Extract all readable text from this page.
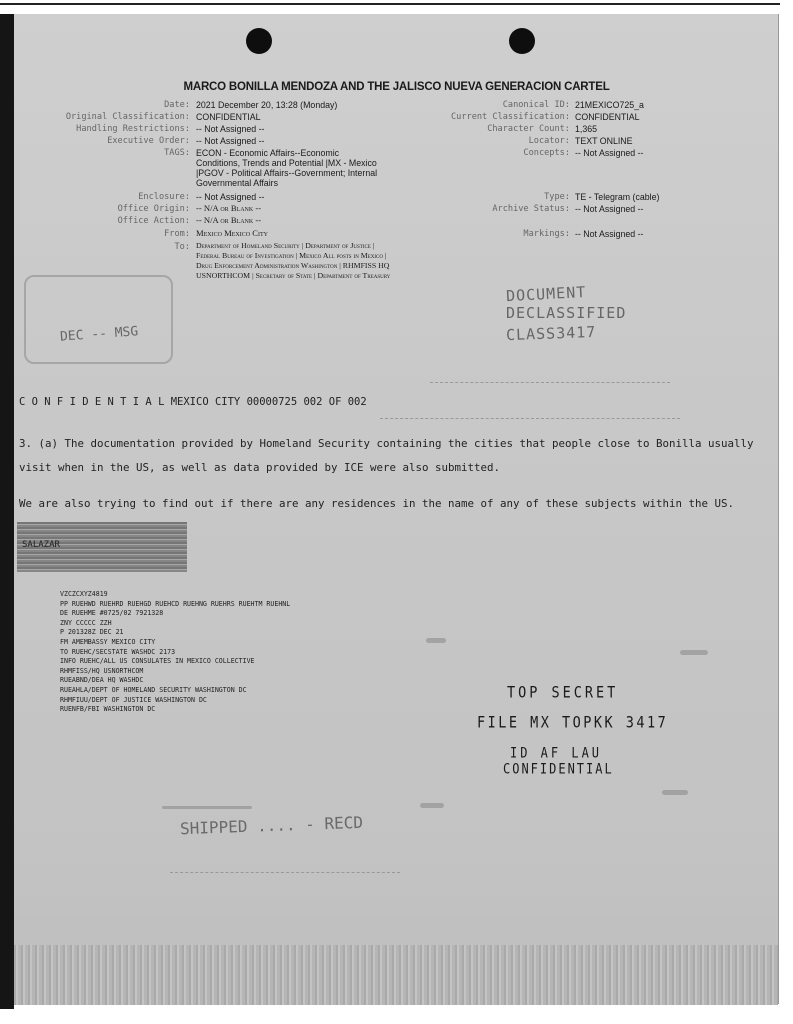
MARCO BONILLA MENDOZA AND THE JALISCO NUEVA GENERACION CARTEL
Date: 2021 December 20, 13:28 (Monday)
Original Classification: CONFIDENTIAL
Handling Restrictions: -- Not Assigned --
Executive Order: -- Not Assigned --
TAGS: ECON - Economic Affairs--Economic Conditions, Trends and Potential |MX - Mexico |PGOV - Political Affairs--Government; Internal Governmental Affairs
Enclosure: -- Not Assigned --
Office Origin: -- N/A or Blank --
Office Action: -- N/A or Blank --
From: Mexico Mexico City
To: Department of Homeland Security | Department of Justice | Federal Bureau of Investigation | Mexico All posts in Mexico | Drug Enforcement Administration Washington | RHMFISS HQ USNORTHCOM | Secretary of State | Department of Treasury
Canonical ID: 21MEXICO725_a
Current Classification: CONFIDENTIAL
Character Count: 1,365
Locator: TEXT ONLINE
Concepts: -- Not Assigned --
Type: TE - Telegram (cable)
Archive Status: -- Not Assigned --
Markings: -- Not Assigned --
DEC -- MSG
DOCUMENT
DECLASSIFIED
CLASS3417
C O N F I D E N T I A L MEXICO CITY 00000725 002 OF 002
3. (a) The documentation provided by Homeland Security containing the cities that people close to Bonilla usually visit when in the US, as well as data provided by ICE were also submitted.
We are also trying to find out if there are any residences in the name of any of these subjects within the US.
SALAZAR
VZCZCXYZ4819
PP RUEHWD RUEHRD RUEHGD RUEHCD RUEHNG RUEHRS RUEHTM RUEHNL
DE RUEHME #0725/02 7921328
ZNY CCCCC ZZH
P 201328Z DEC 21
FM AMEMBASSY MEXICO CITY
TO RUEHC/SECSTATE WASHDC 2173
INFO RUEHC/ALL US CONSULATES IN MEXICO COLLECTIVE
RHMFISS/HQ USNORTHCOM
RUEABND/DEA HQ WASHDC
RUEAHLA/DEPT OF HOMELAND SECURITY WASHINGTON DC
RHMFIUU/DEPT OF JUSTICE WASHINGTON DC
RUENFB/FBI WASHINGTON DC
TOP SECRET
FILE MX TOPKK 3417
ID AF LAU
CONFIDENTIAL
SHIPPED .... - RECD
